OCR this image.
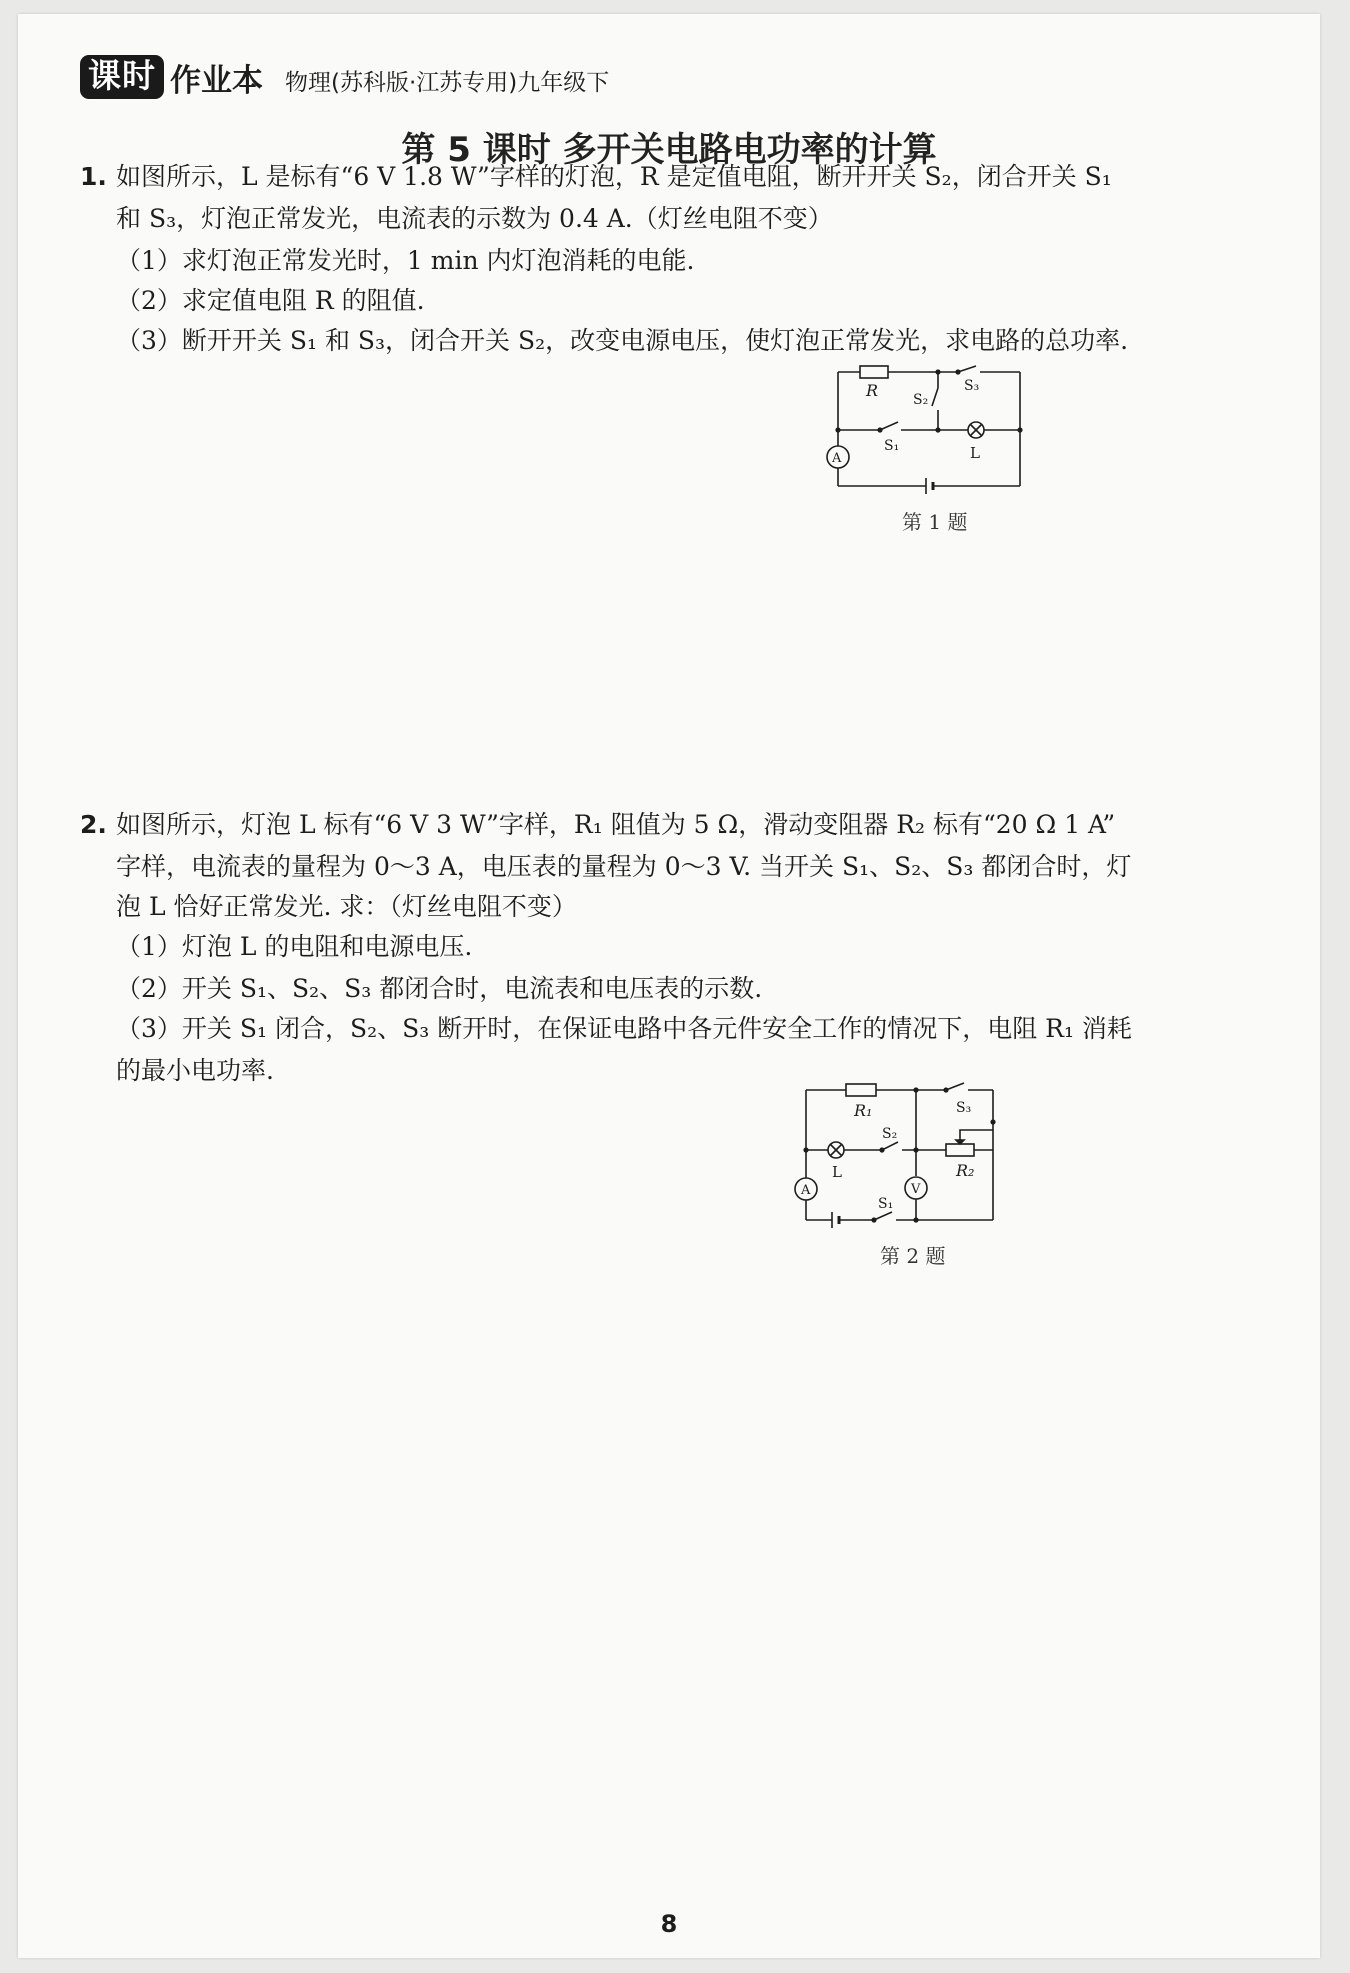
课时 作业本 物理(苏科版·江苏专用)九年级下
第 5 课时 多开关电路电功率的计算
1. 如图所示，L 是标有“6 V 1.8 W”字样的灯泡，R 是定值电阻，断开开关 S₂，闭合开关 S₁
和 S₃，灯泡正常发光，电流表的示数为 0.4 A.（灯丝电阻不变）
（1）求灯泡正常发光时，1 min 内灯泡消耗的电能.
（2）求定值电阻 R 的阻值.
（3）断开开关 S₁ 和 S₃，闭合开关 S₂，改变电源电压，使灯泡正常发光，求电路的总功率.
R S₂
S₃
S₁	L
A
第 1 题
2. 如图所示，灯泡 L 标有“6 V 3 W”字样，R₁ 阻值为 5 Ω，滑动变阻器 R₂ 标有“20 Ω 1 A”
字样，电流表的量程为 0～3 A，电压表的量程为 0～3 V. 当开关 S₁、S₂、S₃ 都闭合时，灯
泡 L 恰好正常发光. 求：（灯丝电阻不变）
（1）灯泡 L 的电阻和电源电压.
（2）开关 S₁、S₂、S₃ 都闭合时，电流表和电压表的示数.
（3）开关 S₁ 闭合，S₂、S₃ 断开时，在保证电路中各元件安全工作的情况下，电阻 R₁ 消耗
的最小电功率.
R₁	S₃
S₂
L	R₂
S₁
A	V
第 2 题
8
